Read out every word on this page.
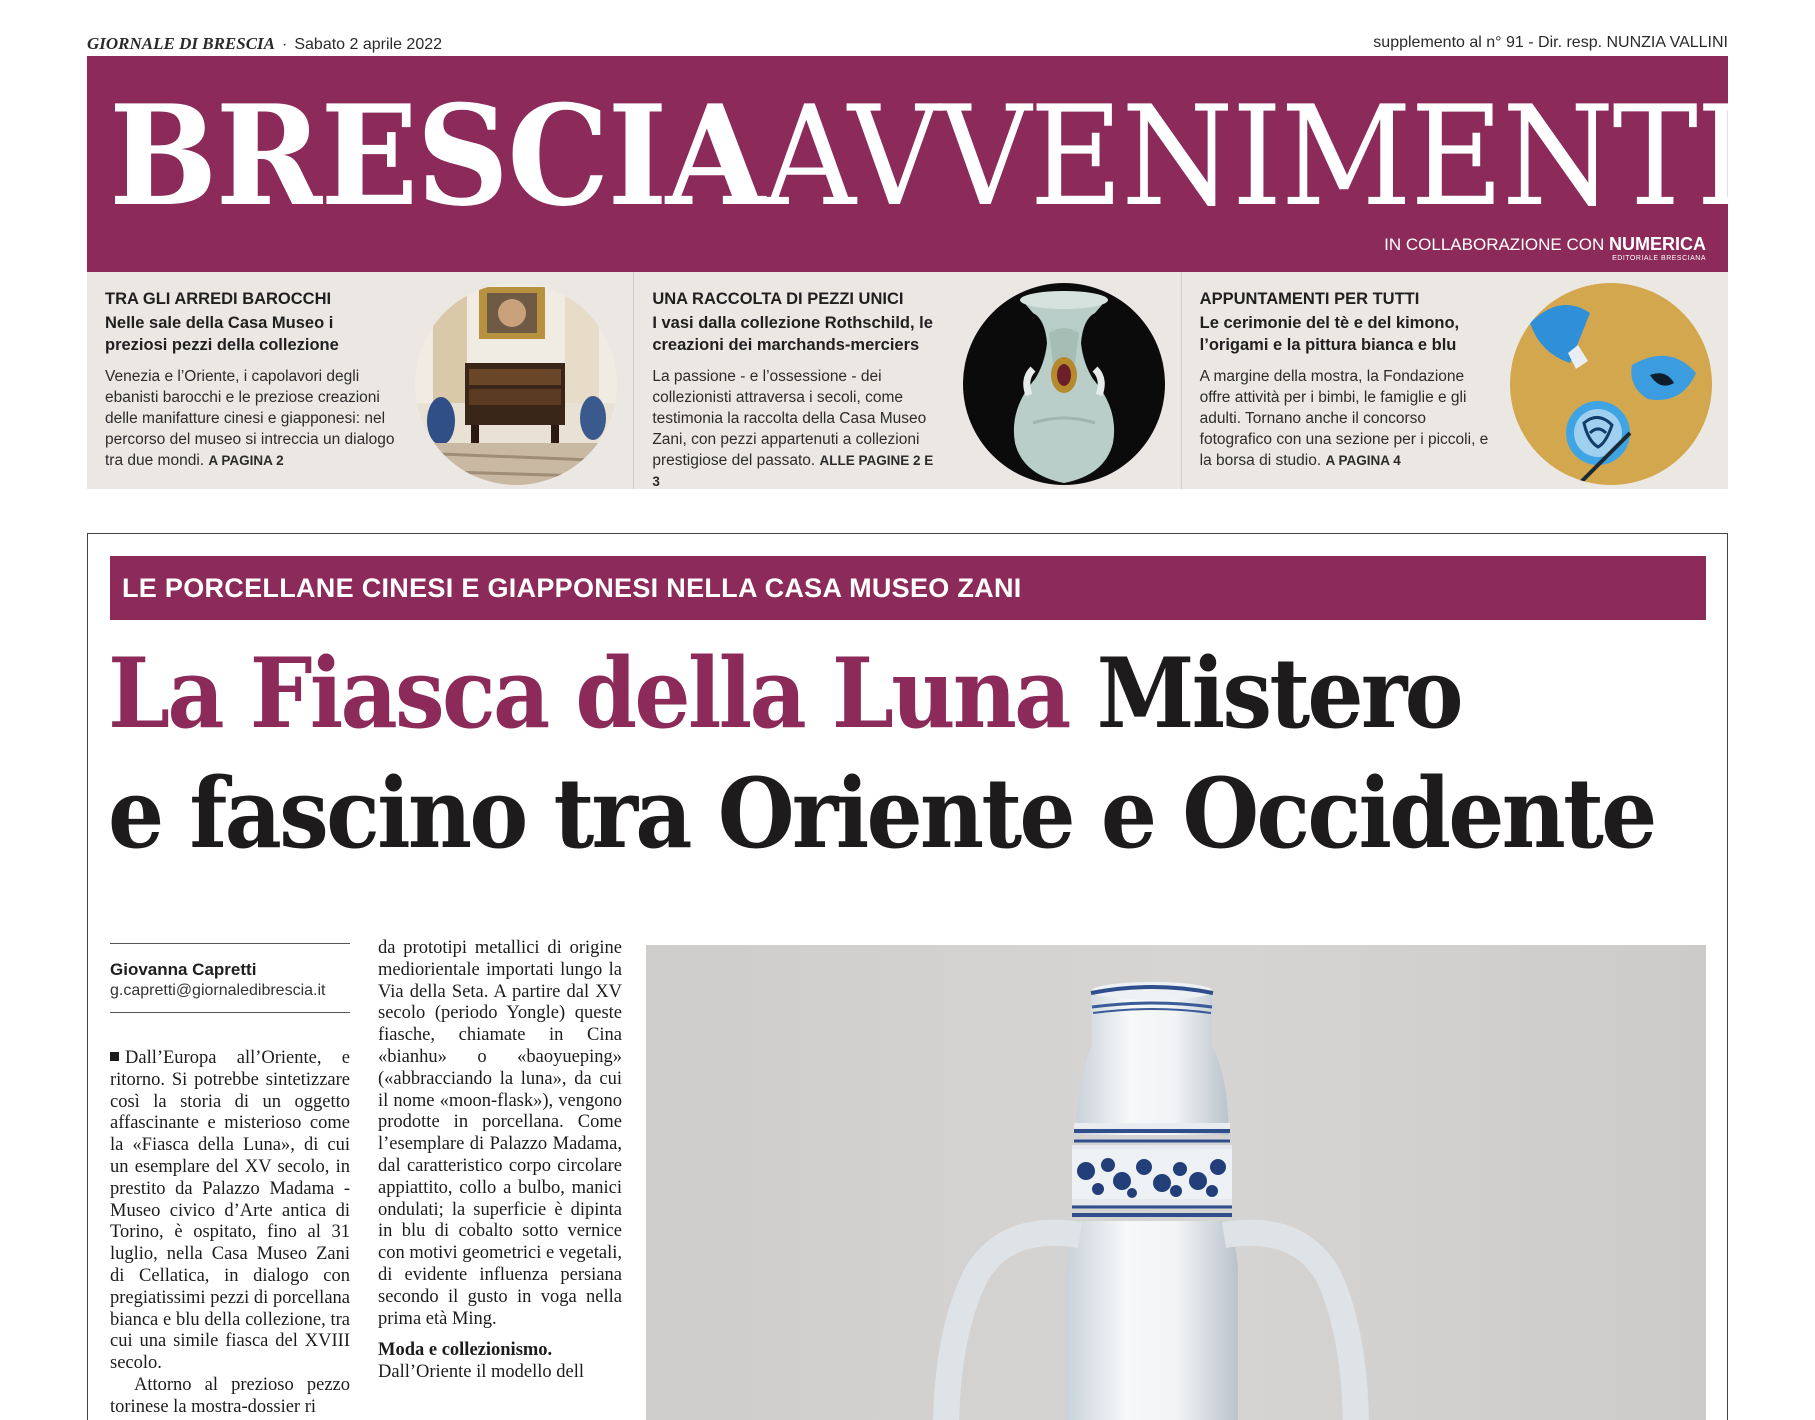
GIORNALE DI BRESCIA · Sabato 2 aprile 2022	supplemento al n° 91 - Dir. resp. NUNZIA VALLINI
BRESCIAAVVENIMENTI
IN COLLABORAZIONE CON NUMERICA
EDITORIALE BRESCIANA
TRA GLI ARREDI BAROCCHI
Nelle sale della Casa Museo i preziosi pezzi della collezione
Venezia e l’Oriente, i capolavori degli ebanisti barocchi e le preziose creazioni delle manifatture cinesi e giapponesi: nel percorso del museo si intreccia un dialogo tra due mondi. A PAGINA 2
UNA RACCOLTA DI PEZZI UNICI
I vasi dalla collezione Rothschild, le creazioni dei marchands-merciers
La passione - e l’ossessione - dei collezionisti attraversa i secoli, come testimonia la raccolta della Casa Museo Zani, con pezzi appartenuti a collezioni prestigiose del passato. ALLE PAGINE 2 E 3
APPUNTAMENTI PER TUTTI
Le cerimonie del tè e del kimono, l’origami e la pittura bianca e blu
A margine della mostra, la Fondazione offre attività per i bimbi, le famiglie e gli adulti. Tornano anche il concorso fotografico con una sezione per i piccoli, e la borsa di studio. A PAGINA 4
LE PORCELLANE CINESI E GIAPPONESI NELLA CASA MUSEO ZANI
La Fiasca della Luna Mistero
e fascino tra Oriente e Occidente
Giovanna Capretti
g.capretti@giornaledibrescia.it

Dall’Europa all’Oriente, e ritorno. Si potrebbe sintetizzare così la storia di un oggetto affascinante e misterioso come la «Fiasca della Luna», di cui un esemplare del XV secolo, in prestito da Palazzo Madama - Museo civico d’Arte antica di Torino, è ospitato, fino al 31 luglio, nella Casa Museo Zani di Cellatica, in dialogo con pregiatissimi pezzi di porcellana bianca e blu della collezione, tra cui una simile fiasca del XVIII secolo.

Attorno al prezioso pezzo torinese la mostra-dossier ri

da prototipi metallici di origine mediorientale importati lungo la Via della Seta. A partire dal XV secolo (periodo Yongle) queste fiasche, chiamate in Cina «bianhu» o «baoyueping» («abbracciando la luna», da cui il nome «moon-flask»), vengono prodotte in porcellana. Come l’esemplare di Palazzo Madama, dal caratteristico corpo circolare appiattito, collo a bulbo, manici ondulati; la superficie è dipinta in blu di cobalto sotto vernice con motivi geometrici e vegetali, di evidente influenza persiana secondo il gusto in voga nella prima età Ming.

Moda e collezionismo.
Dall’Oriente il modello dell
